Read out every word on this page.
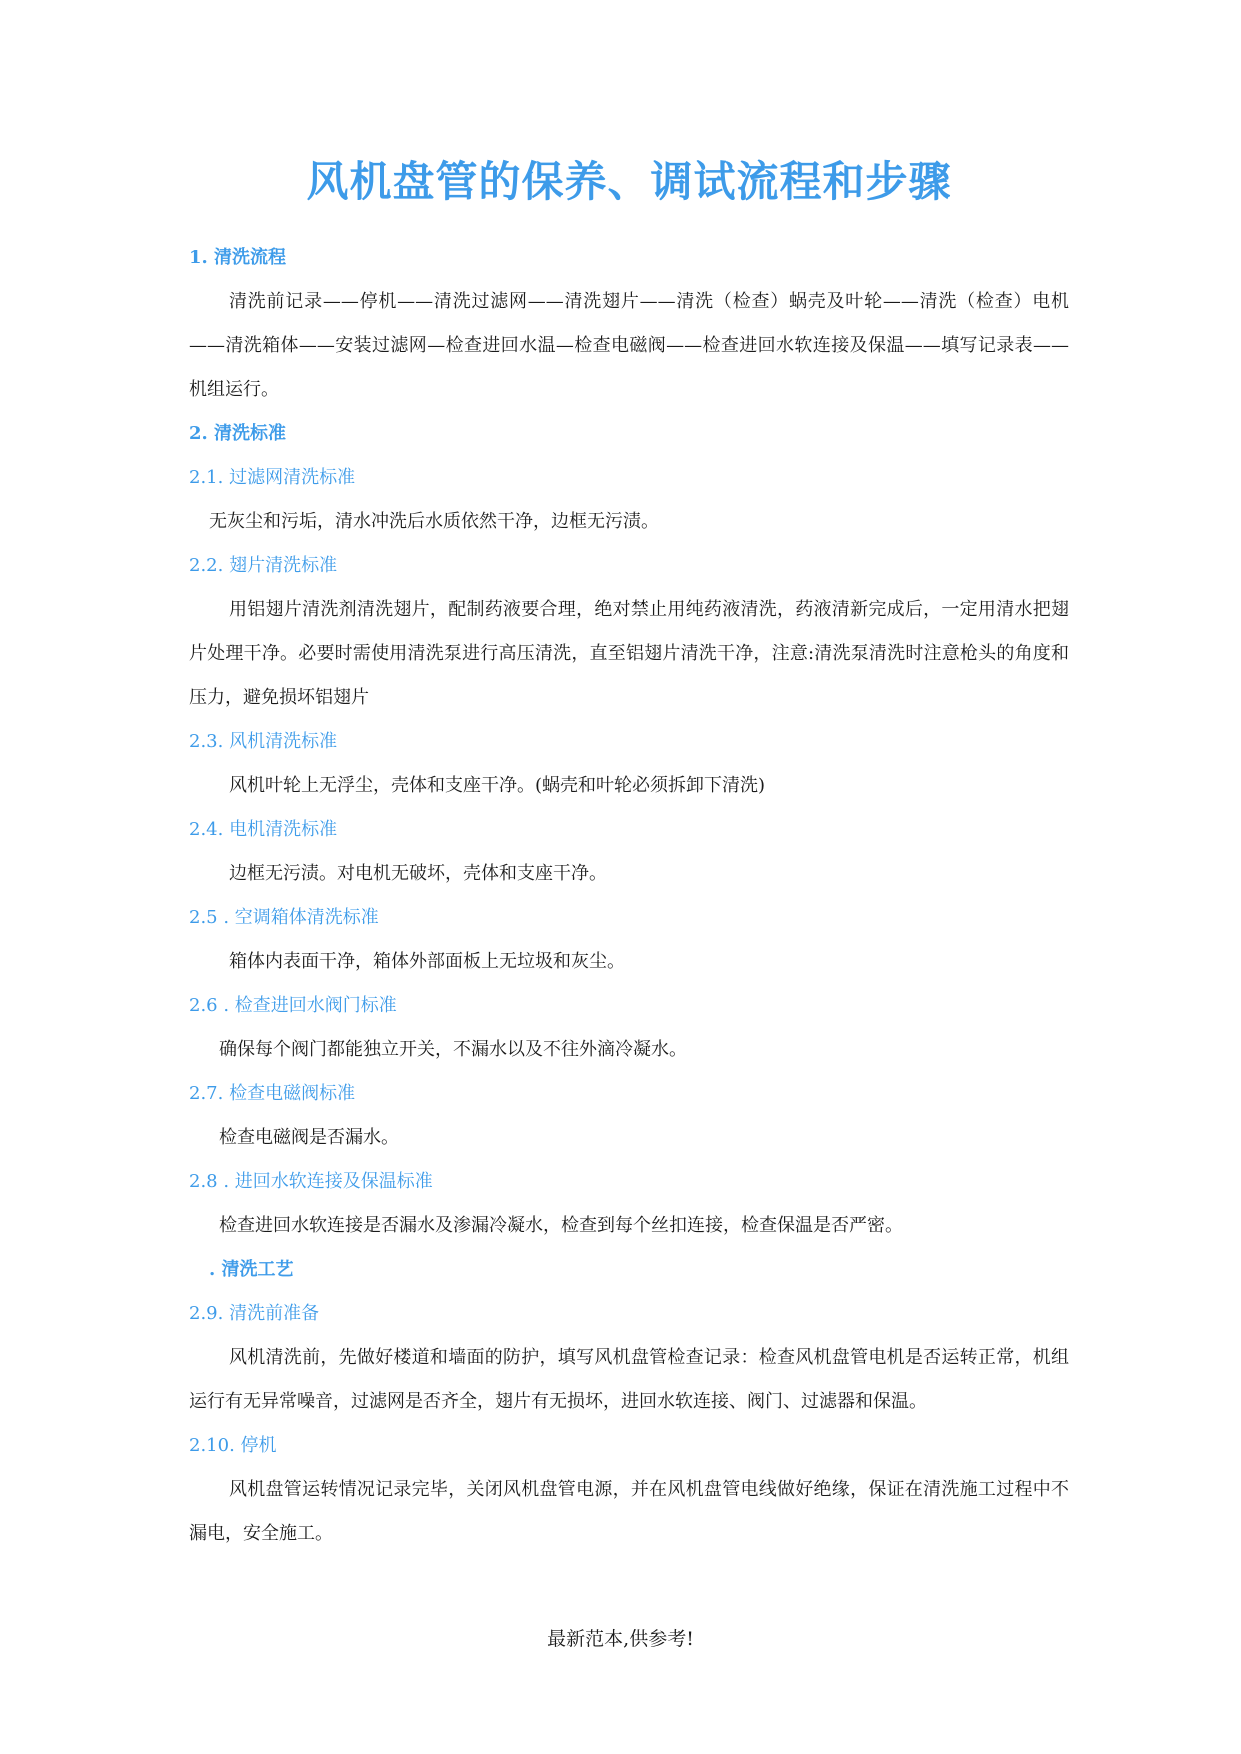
风机盘管的保养、调试流程和步骤

1. 清洗流程

清洗前记录——停机——清洗过滤网——清洗翅片——清洗（检查）蜗壳及叶轮——清洗（检查）电机——清洗箱体——安装过滤网—检查进回水温—检查电磁阀——检查进回水软连接及保温——填写记录表——机组运行。

2. 清洗标准

2.1. 过滤网清洗标准

无灰尘和污垢，清水冲洗后水质依然干净，边框无污渍。

2.2. 翅片清洗标准

用铝翅片清洗剂清洗翅片，配制药液要合理，绝对禁止用纯药液清洗，药液清新完成后，一定用清水把翅片处理干净。必要时需使用清洗泵进行高压清洗，直至铝翅片清洗干净，注意:清洗泵清洗时注意枪头的角度和压力，避免损坏铝翅片

2.3. 风机清洗标准

风机叶轮上无浮尘，壳体和支座干净。(蜗壳和叶轮必须拆卸下清洗)

2.4. 电机清洗标准

边框无污渍。对电机无破坏，壳体和支座干净。

2.5 . 空调箱体清洗标准

箱体内表面干净，箱体外部面板上无垃圾和灰尘。

2.6 . 检查进回水阀门标准

确保每个阀门都能独立开关，不漏水以及不往外滴冷凝水。

2.7. 检查电磁阀标准

检查电磁阀是否漏水。

2.8 . 进回水软连接及保温标准

检查进回水软连接是否漏水及渗漏冷凝水，检查到每个丝扣连接，检查保温是否严密。

. 清洗工艺

2.9. 清洗前准备

风机清洗前，先做好楼道和墙面的防护，填写风机盘管检查记录：检查风机盘管电机是否运转正常，机组运行有无异常噪音，过滤网是否齐全，翅片有无损坏，进回水软连接、阀门、过滤器和保温。

2.10. 停机

风机盘管运转情况记录完毕，关闭风机盘管电源，并在风机盘管电线做好绝缘，保证在清洗施工过程中不漏电，安全施工。

最新范本,供参考!
